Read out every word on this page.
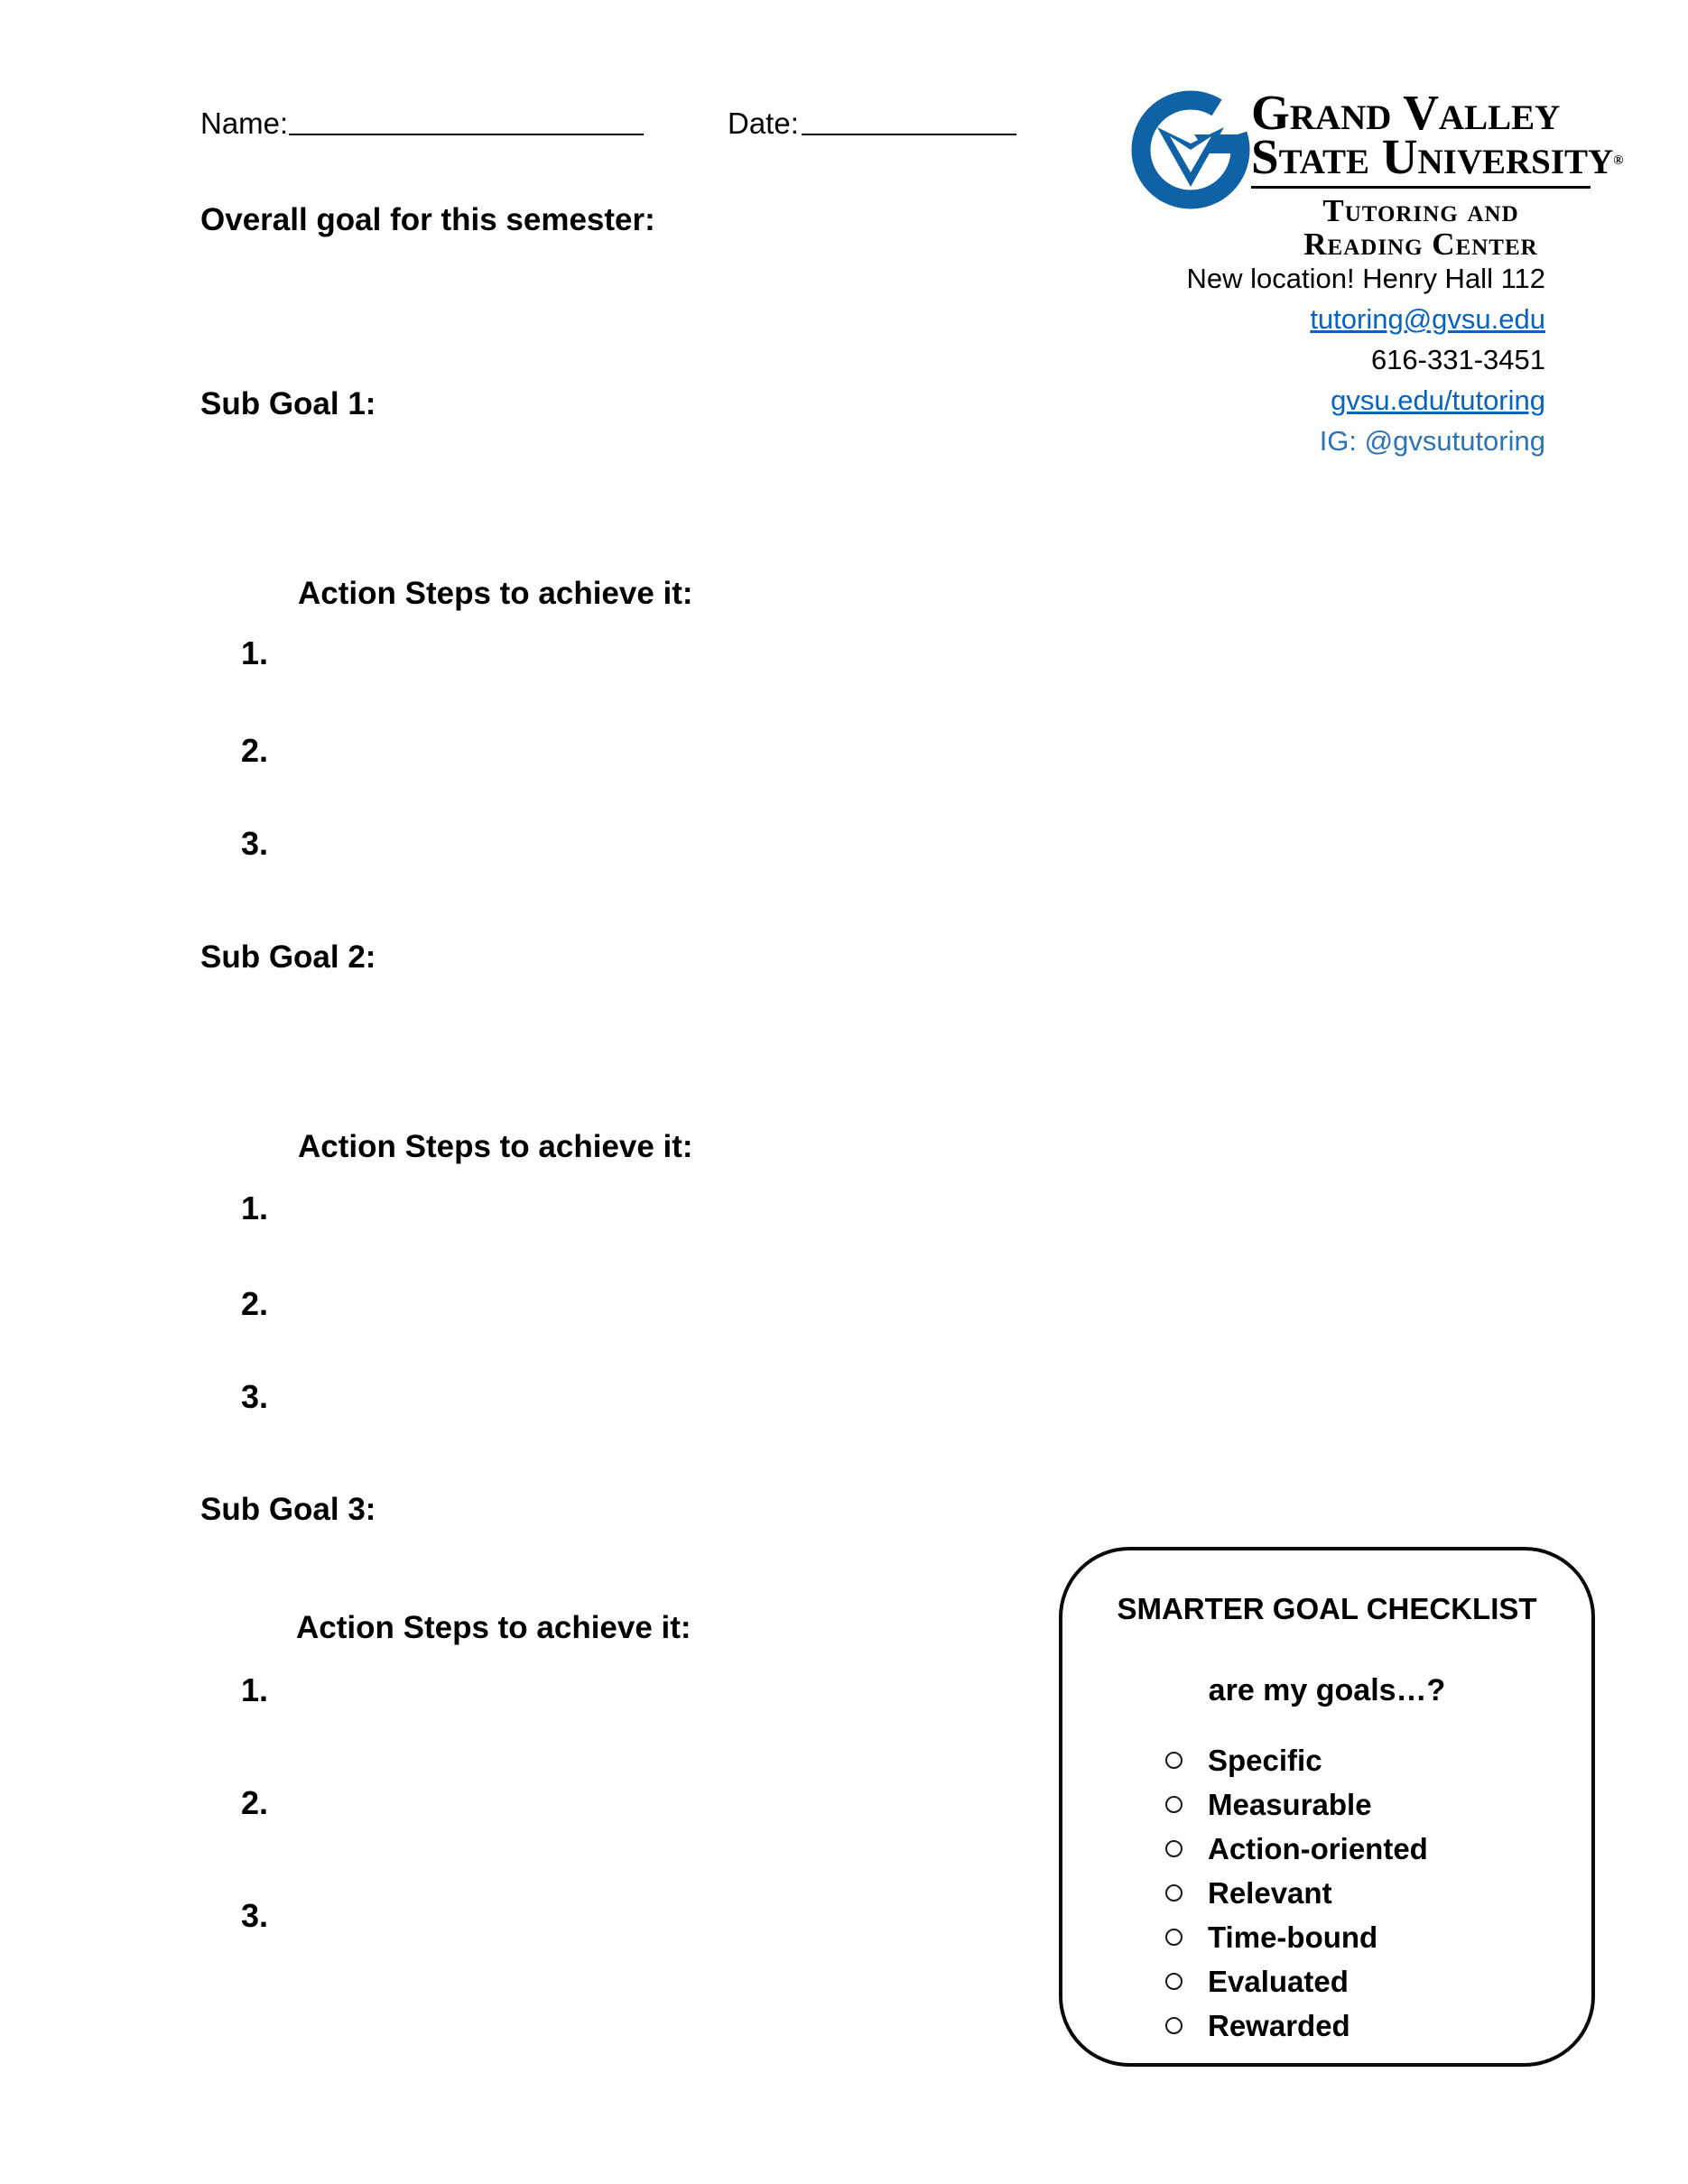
Name:	Date:	Grand Valley
State University®
Tutoring and
Reading Center
New location! Henry Hall 112
tutoring@gvsu.edu
616-331-3451
gvsu.edu/tutoring
IG: @gvsututoring
Overall goal for this semester:
Sub Goal 1:
Action Steps to achieve it:
1.
2.
3.
Sub Goal 2:
Action Steps to achieve it:
1.
2.
3.
Sub Goal 3:
Action Steps to achieve it:
1.
2.
3.
SMARTER GOAL CHECKLIST
are my goals…?
Specific
Measurable
Action-oriented
Relevant
Time-bound
Evaluated
Rewarded
